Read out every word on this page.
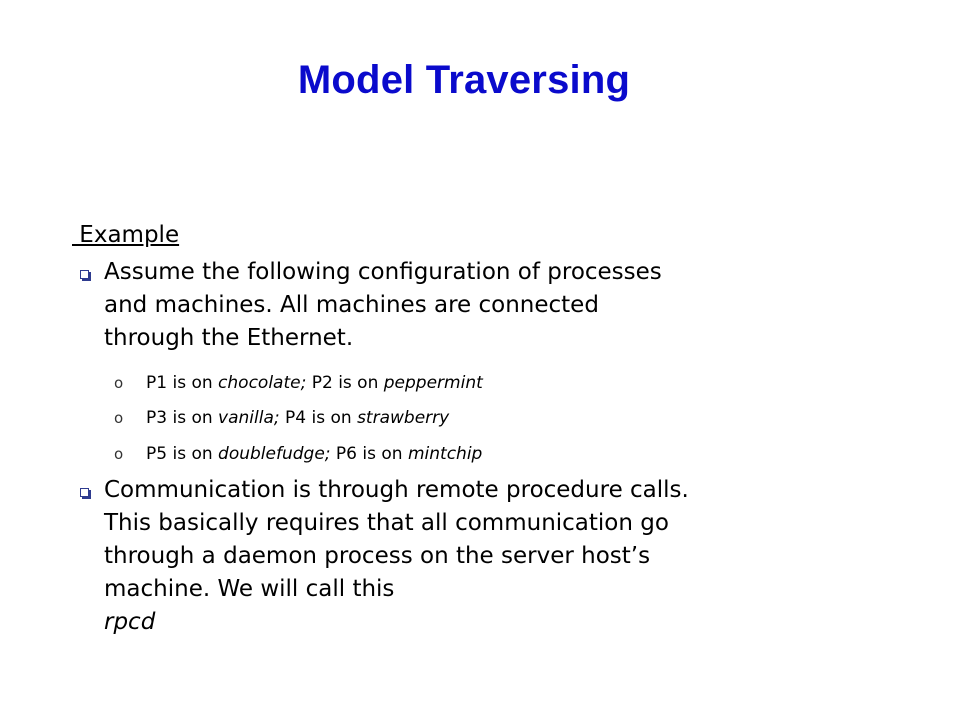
Model Traversing
Example
Assume the following configuration of processes
and machines. All machines are connected
through the Ethernet.
o P1 is on chocolate; P2 is on peppermint
o P3 is on vanilla; P4 is on strawberry
o P5 is on doublefudge; P6 is on mintchip
Communication is through remote procedure calls.
This basically requires that all communication go
through a daemon process on the server host’s
machine. We will call this
rpcd
